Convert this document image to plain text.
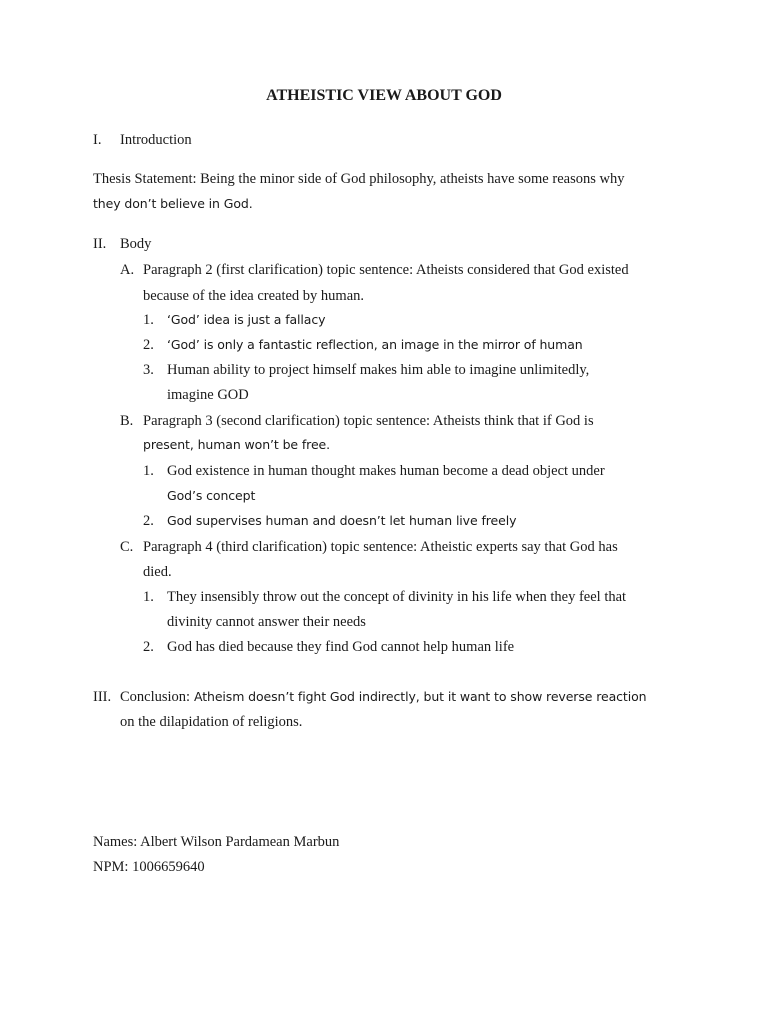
ATHEISTIC VIEW ABOUT GOD
I. Introduction
Thesis Statement: Being the minor side of God philosophy, atheists have some reasons why
they don’t believe in God.
II. Body
A. Paragraph 2 (first clarification) topic sentence: Atheists considered that God existed
because of the idea created by human.
1. ‘God’ idea is just a fallacy
2. ‘God’ is only a fantastic reflection, an image in the mirror of human
3. Human ability to project himself makes him able to imagine unlimitedly,
imagine GOD
B. Paragraph 3 (second clarification) topic sentence: Atheists think that if God is
present, human won’t be free.
1. God existence in human thought makes human become a dead object under
God’s concept
2. God supervises human and doesn’t let human live freely
C. Paragraph 4 (third clarification) topic sentence: Atheistic experts say that God has
died.
1. They insensibly throw out the concept of divinity in his life when they feel that
divinity cannot answer their needs
2. God has died because they find God cannot help human life
III. Conclusion: Atheism doesn’t fight God indirectly, but it want to show reverse reaction
on the dilapidation of religions.
Names: Albert Wilson Pardamean Marbun
NPM: 1006659640
